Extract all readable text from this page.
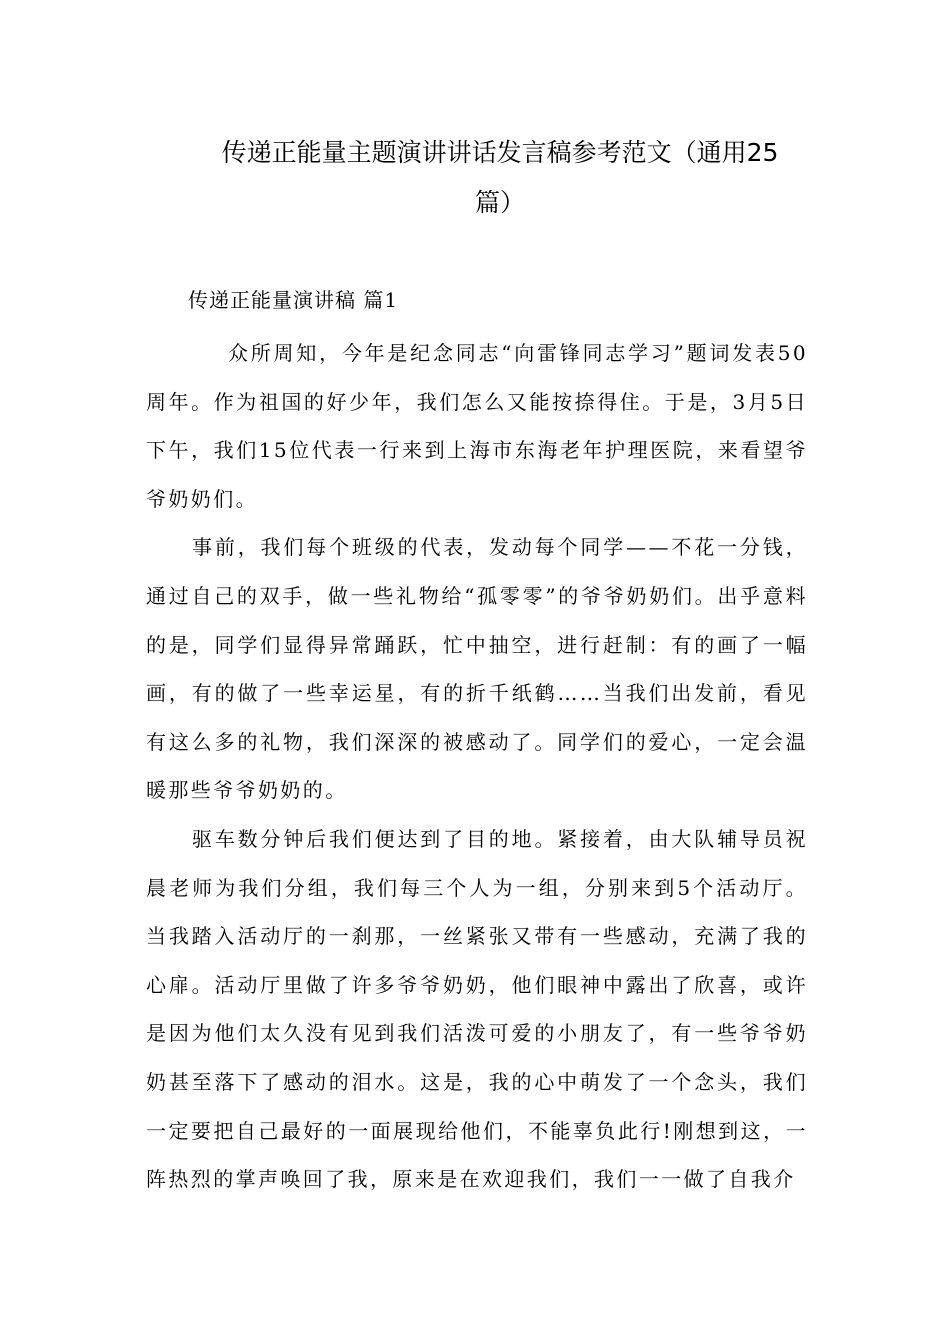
传递正能量主题演讲讲话发言稿参考范文（通用25
篇）
传递正能量演讲稿 篇1

众所周知，今年是纪念同志“向雷锋同志学习”题词发表50周年。作为祖国的好少年，我们怎么又能按捺得住。于是，3月5日下午，我们15位代表一行来到上海市东海老年护理医院，来看望爷爷奶奶们。

事前，我们每个班级的代表，发动每个同学——不花一分钱，通过自己的双手，做一些礼物给“孤零零”的爷爷奶奶们。出乎意料的是，同学们显得异常踊跃，忙中抽空，进行赶制：有的画了一幅画，有的做了一些幸运星，有的折千纸鹤……当我们出发前，看见有这么多的礼物，我们深深的被感动了。同学们的爱心，一定会温暖那些爷爷奶奶的。

驱车数分钟后我们便达到了目的地。紧接着，由大队辅导员祝晨老师为我们分组，我们每三个人为一组，分别来到5个活动厅。当我踏入活动厅的一刹那，一丝紧张又带有一些感动，充满了我的心扉。活动厅里做了许多爷爷奶奶，他们眼神中露出了欣喜，或许是因为他们太久没有见到我们活泼可爱的小朋友了，有一些爷爷奶奶甚至落下了感动的泪水。这是，我的心中萌发了一个念头，我们一定要把自己最好的一面展现给他们，不能辜负此行!刚想到这，一阵热烈的掌声唤回了我，原来是在欢迎我们，我们一一做了自我介
